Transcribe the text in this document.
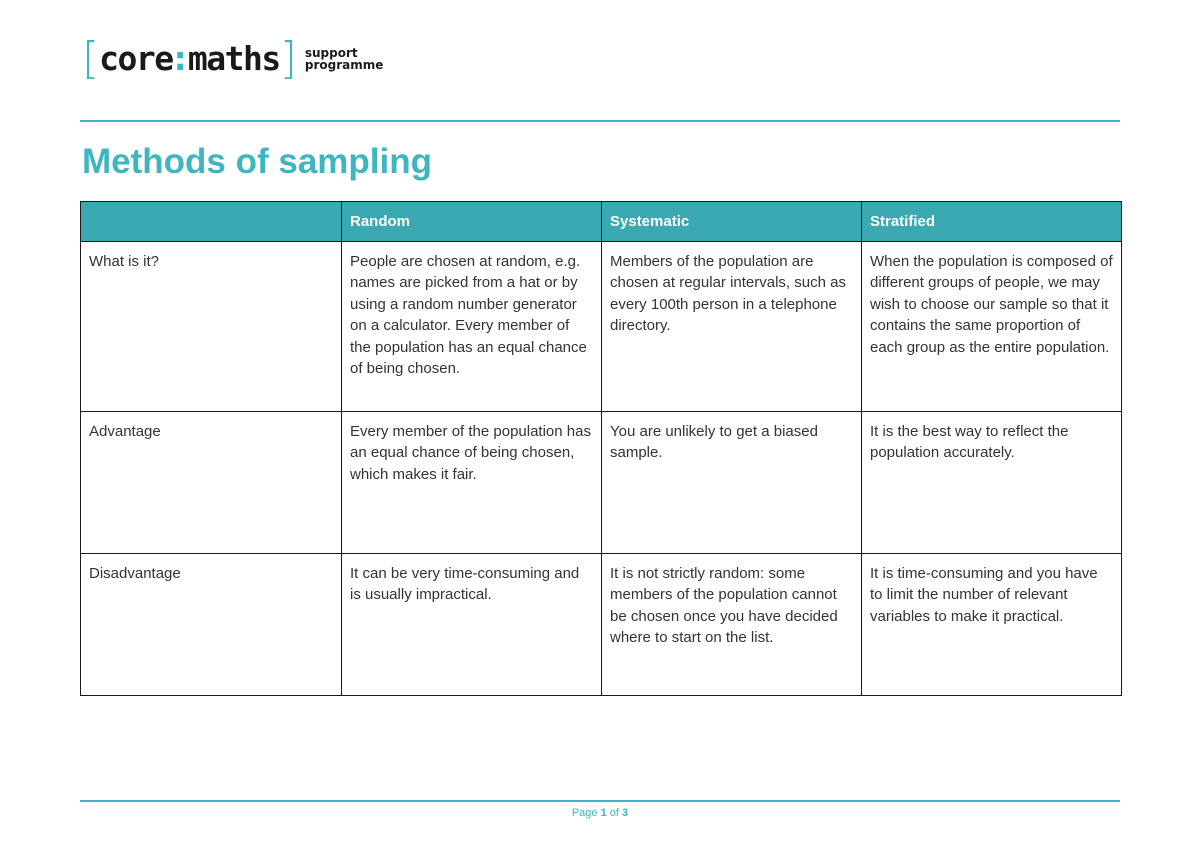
[ core : maths ] support
programme
Methods of sampling
	Random	Systematic	Stratified
What is it?	People are chosen at random, e.g. names are picked from a hat or by using a random number generator on a calculator. Every member of the population has an equal chance of being chosen.	Members of the population are chosen at regular intervals, such as every 100th person in a telephone directory.	When the population is composed of different groups of people, we may wish to choose our sample so that it contains the same proportion of each group as the entire population.
Advantage	Every member of the population has an equal chance of being chosen, which makes it fair.	You are unlikely to get a biased sample.	It is the best way to reflect the population accurately.
Disadvantage	It can be very time-consuming and is usually impractical.	It is not strictly random: some members of the population cannot be chosen once you have decided where to start on the list.	It is time-consuming and you have to limit the number of relevant variables to make it practical.
Page 1 of 3
